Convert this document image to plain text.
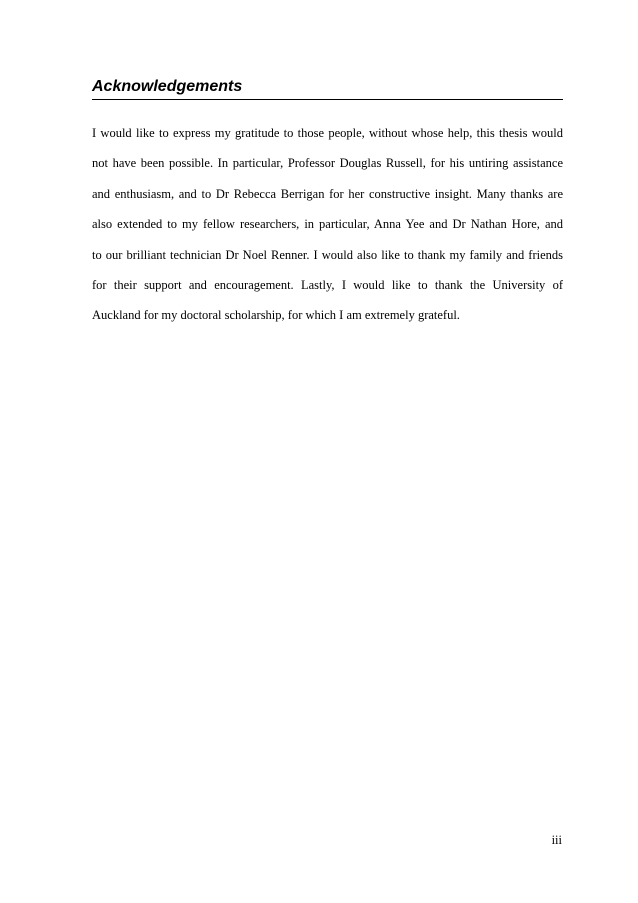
Acknowledgements
I would like to express my gratitude to those people, without whose help, this thesis would
not have been possible. In particular, Professor Douglas Russell, for his untiring assistance
and enthusiasm, and to Dr Rebecca Berrigan for her constructive insight. Many thanks are
also extended to my fellow researchers, in particular, Anna Yee and Dr Nathan Hore, and
to our brilliant technician Dr Noel Renner. I would also like to thank my family and friends
for their support and encouragement. Lastly, I would like to thank the University of
Auckland for my doctoral scholarship, for which I am extremely grateful.
iii
